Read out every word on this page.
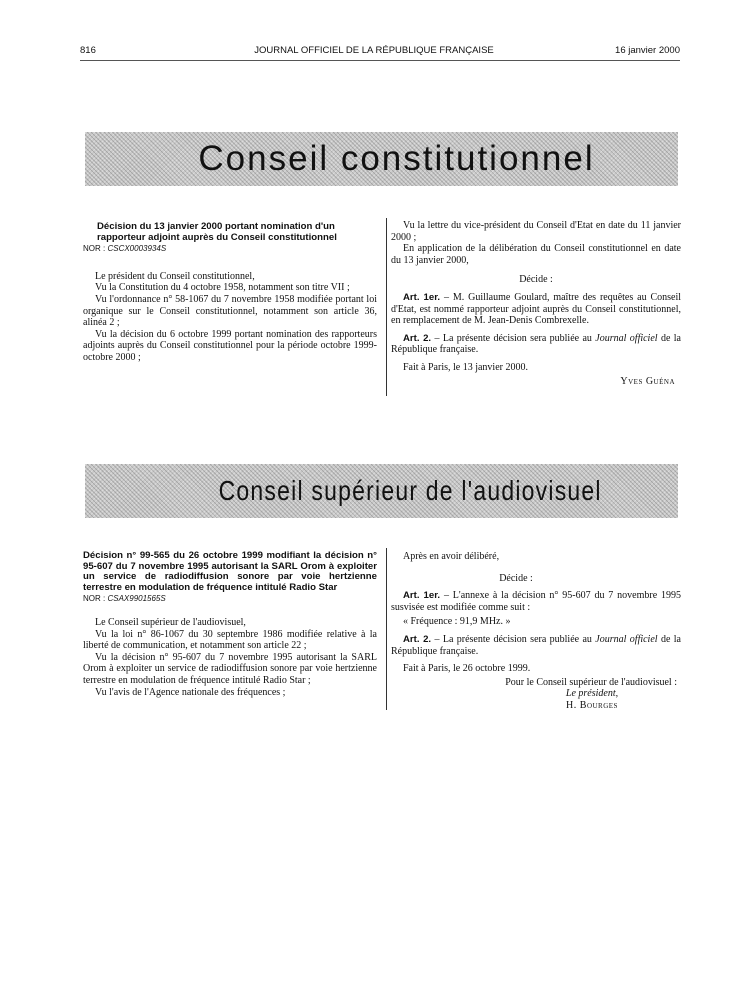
816	JOURNAL OFFICIEL DE LA RÉPUBLIQUE FRANÇAISE	16 janvier 2000
Conseil constitutionnel

Décision du 13 janvier 2000 portant nomination d'un rapporteur adjoint auprès du Conseil constitutionnel

NOR : CSCX0003934S

Le président du Conseil constitutionnel,

Vu la Constitution du 4 octobre 1958, notamment son titre VII ;

Vu l'ordonnance n° 58-1067 du 7 novembre 1958 modifiée portant loi organique sur le Conseil constitutionnel, notamment son article 36, alinéa 2 ;

Vu la décision du 6 octobre 1999 portant nomination des rapporteurs adjoints auprès du Conseil constitutionnel pour la période octobre 1999-octobre 2000 ;

Vu la lettre du vice-président du Conseil d'Etat en date du 11 janvier 2000 ;

En application de la délibération du Conseil constitutionnel en date du 13 janvier 2000,

Décide :

Art. 1er. – M. Guillaume Goulard, maître des requêtes au Conseil d'Etat, est nommé rapporteur adjoint auprès du Conseil constitutionnel, en remplacement de M. Jean-Denis Combrexelle.

Art. 2. – La présente décision sera publiée au Journal officiel de la République française.

Fait à Paris, le 13 janvier 2000.

Yves Guéna

Conseil supérieur de l'audiovisuel

Décision n° 99-565 du 26 octobre 1999 modifiant la décision n° 95-607 du 7 novembre 1995 autorisant la SARL Orom à exploiter un service de radiodiffusion sonore par voie hertzienne terrestre en modulation de fréquence intitulé Radio Star

NOR : CSAX9901565S

Le Conseil supérieur de l'audiovisuel,

Vu la loi n° 86-1067 du 30 septembre 1986 modifiée relative à la liberté de communication, et notamment son article 22 ;

Vu la décision n° 95-607 du 7 novembre 1995 autorisant la SARL Orom à exploiter un service de radiodiffusion sonore par voie hertzienne terrestre en modulation de fréquence intitulé Radio Star ;

Vu l'avis de l'Agence nationale des fréquences ;

Après en avoir délibéré,

Décide :

Art. 1er. – L'annexe à la décision n° 95-607 du 7 novembre 1995 susvisée est modifiée comme suit :

« Fréquence : 91,9 MHz. »

Art. 2. – La présente décision sera publiée au Journal officiel de la République française.

Fait à Paris, le 26 octobre 1999.

Pour le Conseil supérieur de l'audiovisuel :

Le président,

H. Bourges
